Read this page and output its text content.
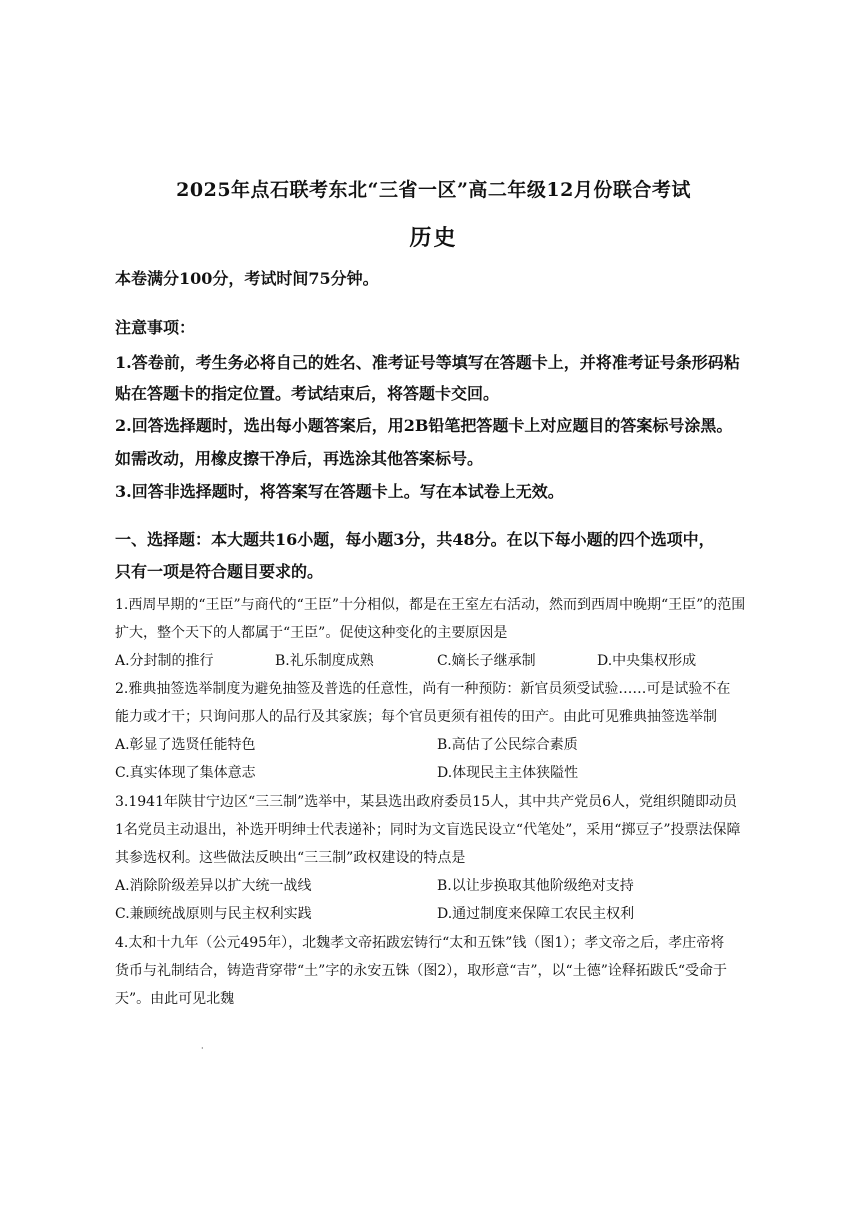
2025年点石联考东北“三省一区”高二年级12月份联合考试
历史
本卷满分100分，考试时间75分钟。
注意事项：
1.答卷前，考生务必将自己的姓名、准考证号等填写在答题卡上，并将准考证号条形码粘
贴在答题卡的指定位置。考试结束后，将答题卡交回。
2.回答选择题时，选出每小题答案后，用2B铅笔把答题卡上对应题目的答案标号涂黑。
如需改动，用橡皮擦干净后，再选涂其他答案标号。
3.回答非选择题时，将答案写在答题卡上。写在本试卷上无效。
一、选择题：本大题共16小题，每小题3分，共48分。在以下每小题的四个选项中，
只有一项是符合题目要求的。
1.西周早期的“王臣”与商代的“王臣”十分相似，都是在王室左右活动，然而到西周中晚期“王臣”的范围
扩大，整个天下的人都属于“王臣”。促使这种变化的主要原因是
A.分封制的推行	B.礼乐制度成熟	C.嫡长子继承制	D.中央集权形成
2.雅典抽签选举制度为避免抽签及普选的任意性，尚有一种预防：新官员须受试验……可是试验不在
能力或才干；只询问那人的品行及其家族；每个官员更须有祖传的田产。由此可见雅典抽签选举制
A.彰显了选贤任能特色	B.高估了公民综合素质
C.真实体现了集体意志	D.体现民主主体狭隘性
3.1941年陕甘宁边区“三三制”选举中，某县选出政府委员15人，其中共产党员6人，党组织随即动员
1名党员主动退出，补选开明绅士代表递补；同时为文盲选民设立“代笔处”，采用“掷豆子”投票法保障
其参选权利。这些做法反映出“三三制”政权建设的特点是
A.消除阶级差异以扩大统一战线	B.以让步换取其他阶级绝对支持
C.兼顾统战原则与民主权利实践	D.通过制度来保障工农民主权利
4.太和十九年（公元495年），北魏孝文帝拓跋宏铸行“太和五铢”钱（图1）；孝文帝之后，孝庄帝将
货币与礼制结合，铸造背穿带“土”字的永安五铢（图2），取形意“吉”，以“土德”诠释拓跋氏“受命于
天”。由此可见北魏
·
